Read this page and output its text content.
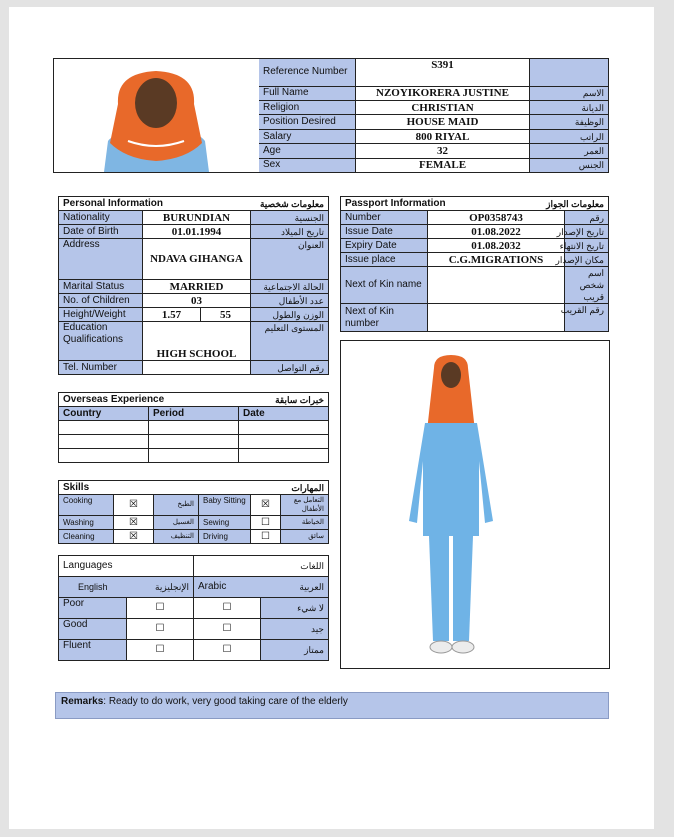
	Reference Number	S391	
	Full Name	NZOYIKORERA JUSTINE	الاسم
	Religion	CHRISTIAN	الديانة
	Position Desired	HOUSE MAID	الوظيفة
	Salary	800 RIYAL	الراتب
	Age	32	العمر
	Sex	FEMALE	الجنس
Personal Information			معلومات شخصية
Nationality	BURUNDIAN		الجنسية
Date of Birth	01.01.1994		تاريخ الميلاد
Address	NDAVA GIHANGA		العنوان
Marital Status	MARRIED		الحالة الاجتماعية
No. of Children	03		عدد الأطفال
Height/Weight	1.57	55	الوزن والطول
Education Qualifications	HIGH SCHOOL		المستوى التعليم
Tel. Number			رقم التواصل
Passport Information		معلومات الجواز
Number	OP0358743	رقم
Issue Date	01.08.2022	تاريخ الإصدار
Expiry Date	01.08.2032	تاريخ الانتهاء
Issue place	C.G.MIGRATIONS	مكان الإصدار
Next of Kin name		اسم شخص قريب
Next of Kin number		رقم القريب
Overseas Experience		خبرات سابقة
Country	Period	Date

Skills			المهارات		
Cooking	☒	الطبخ	Baby Sitting	☒	التعامل مع الأطفال
Washing	☒	الغسيل	Sewing	☐	الخياطة
Cleaning	☒	التنظيف	Driving	☐	سائق
Languages		اللغات	
English	الإنجليزية	Arabic	العربية
Poor	☐	☐	لا شيء
Good	☐	☐	جيد
Fluent	☐	☐	ممتاز
Remarks: Ready to do work, very good taking care of the elderly
